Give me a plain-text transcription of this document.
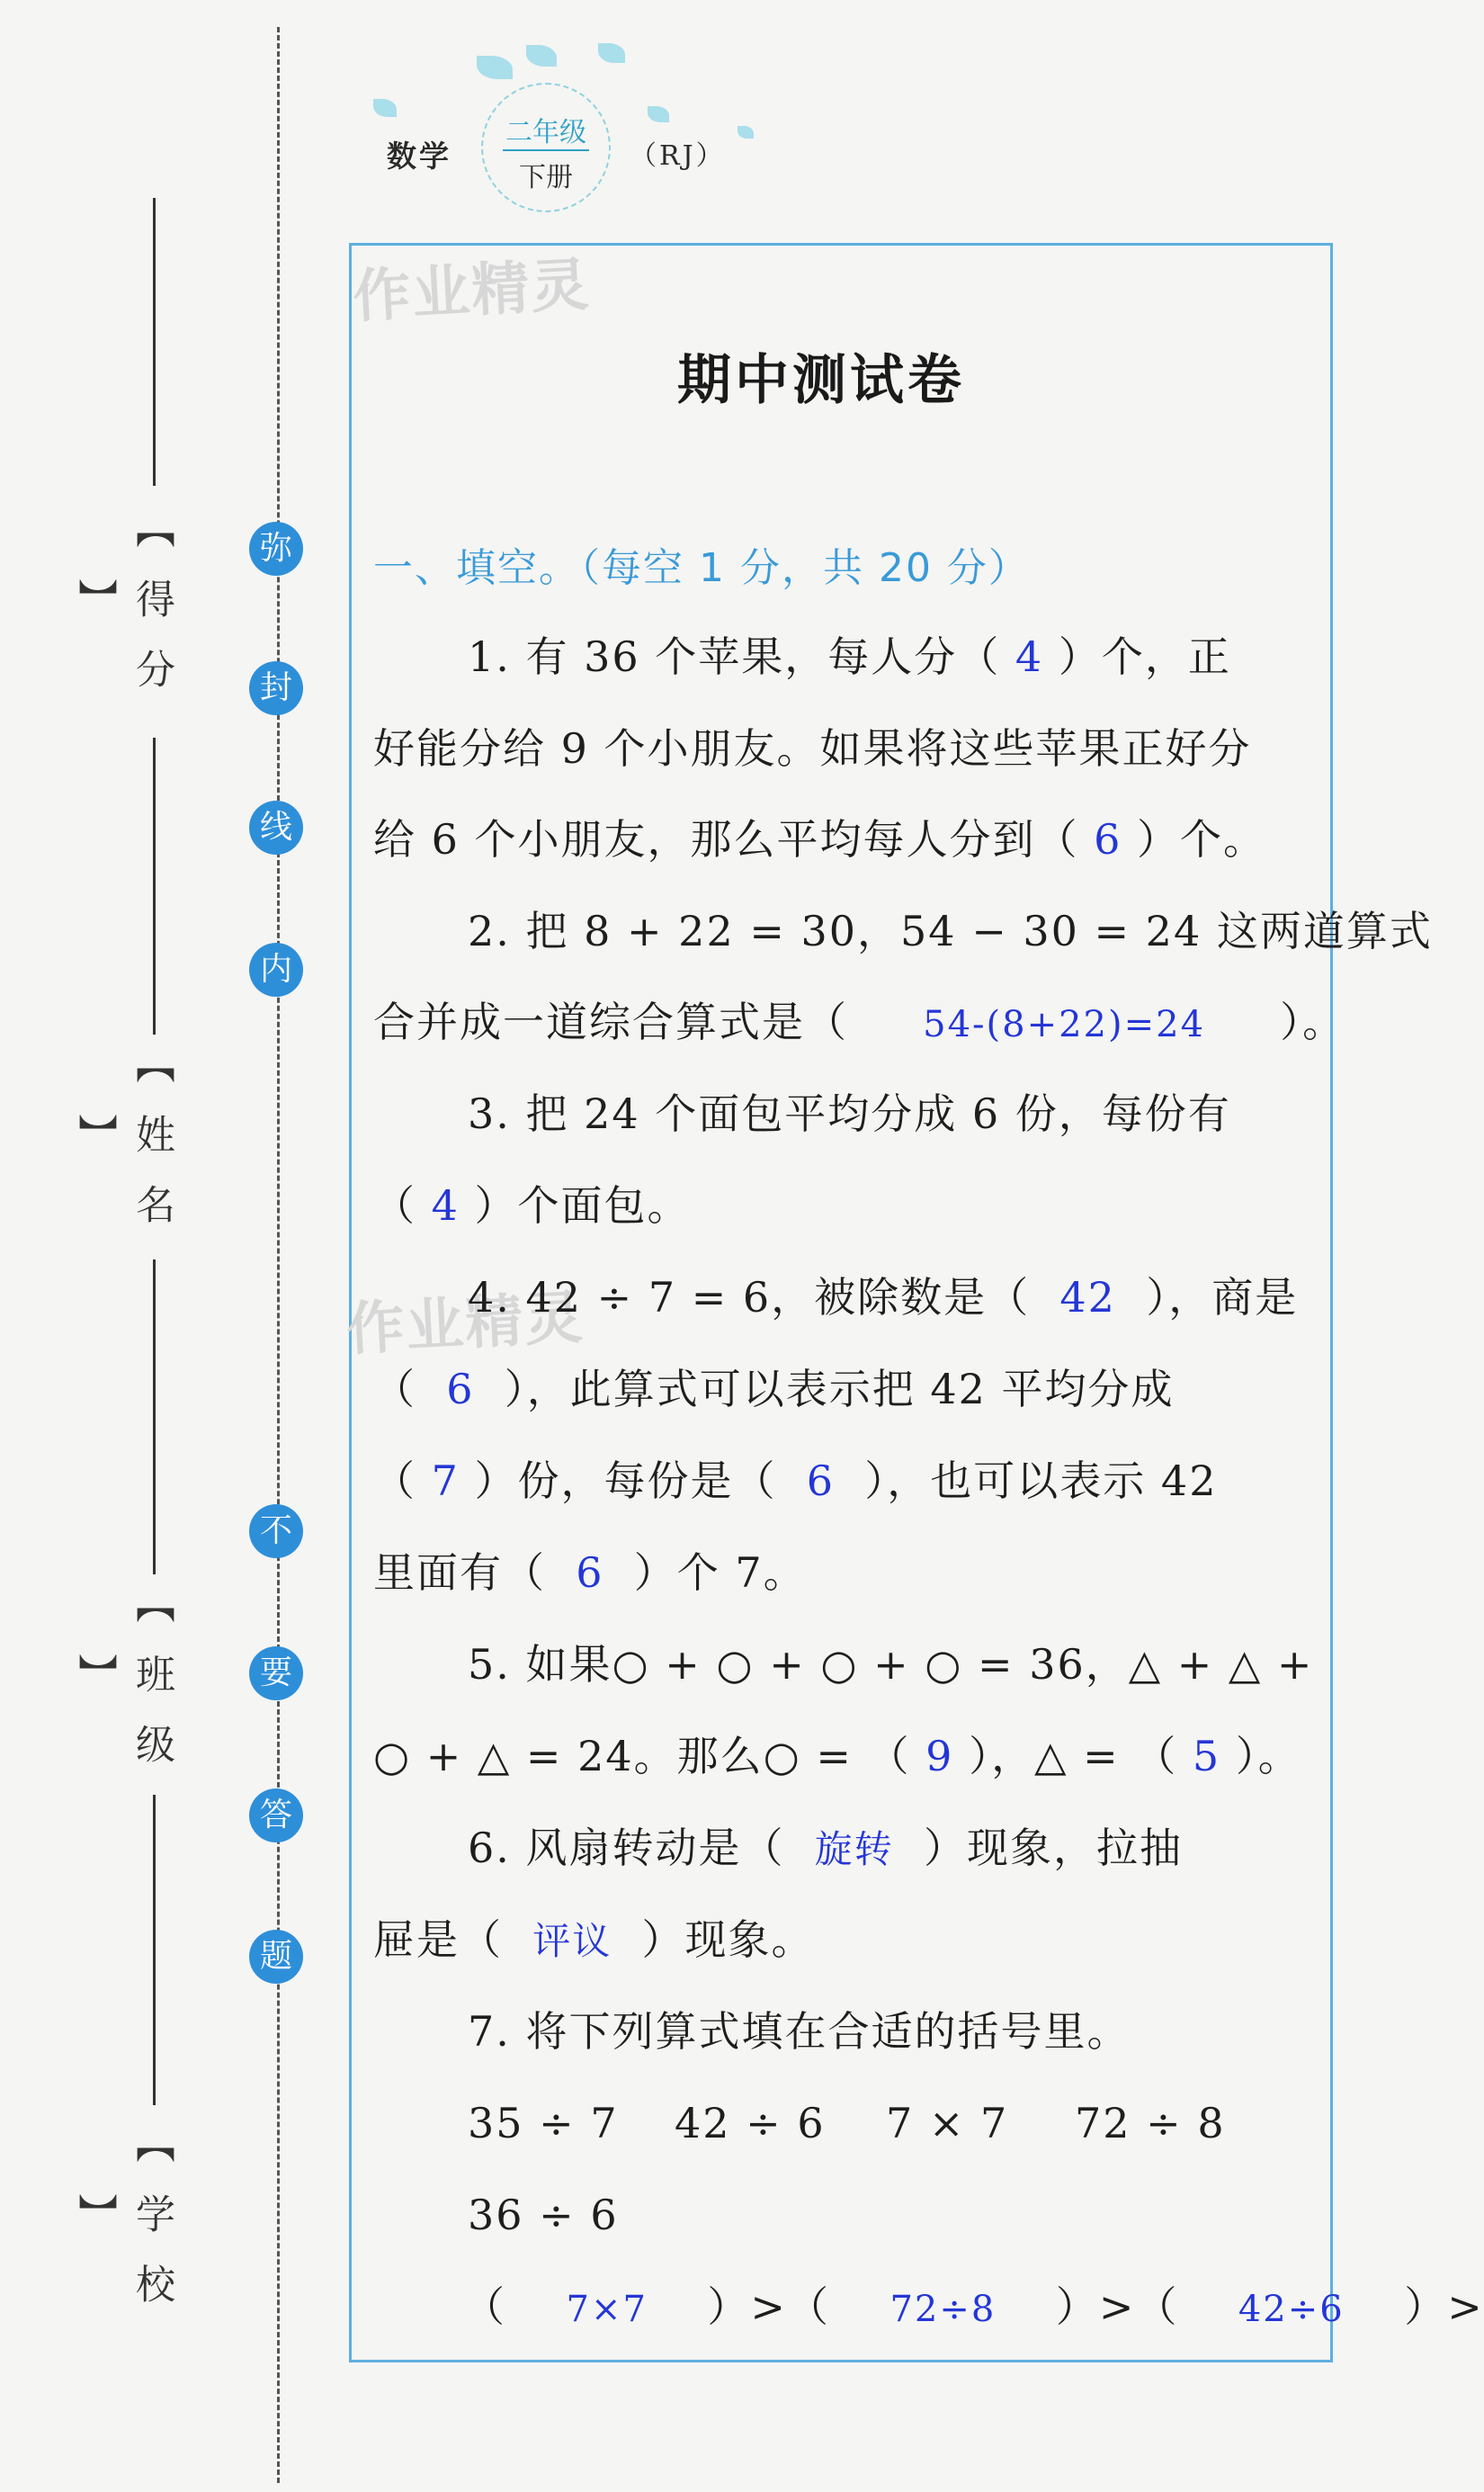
数学
二年级
下册
（RJ）
弥
封
线
内
不
要
答
题
【 得 分 】
【 姓 名 】
【 班 级 】
【 学 校 】
作业精灵
作业精灵
期中测试卷
一、填空。（每空 1 分，共 20 分）
1. 有 36 个苹果，每人分（ 4 ）个，正
好能分给 9 个小朋友。如果将这些苹果正好分
给 6 个小朋友，那么平均每人分到（ 6 ）个。
2. 把 8 + 22 = 30，54 − 30 = 24 这两道算式
合并成一道综合算式是（     54-(8+22)=24     ）。
3. 把 24 个面包平均分成 6 份，每份有
（ 4 ）个面包。
4. 42 ÷ 7 = 6，被除数是（  42  ），商是
（  6  ），此算式可以表示把 42 平均分成
（ 7 ）份，每份是（  6  ），也可以表示 42
里面有（  6  ）个 7。
5. 如果○ + ○ + ○ + ○ = 36，△ + △ +
○ + △ = 24。那么○ = （ 9 ），△ = （ 5 ）。
6. 风扇转动是（  旋转  ）现象，拉抽
屉是（  评议  ）现象。
7. 将下列算式填在合适的括号里。
35 ÷ 7 42 ÷ 6 7 × 7 72 ÷ 8
36 ÷ 6
（    7×7    ）>（    72÷8    ）>（    42÷6    ）>
